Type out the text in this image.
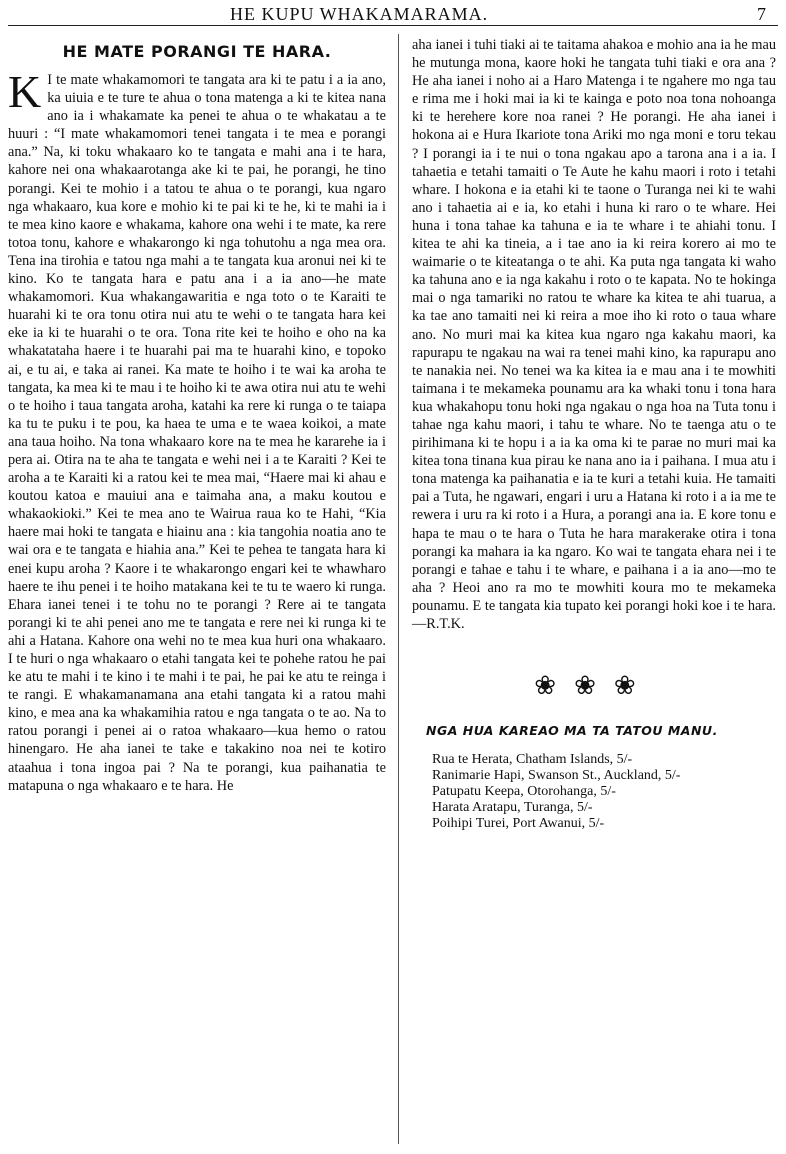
HE KUPU WHAKAMARAMA.	7
HE MATE PORANGI TE HARA.

K I te mate whakamomori te tangata ara ki te patu i a ia ano, ka uiuia e te ture te ahua o tona matenga a ki te kitea nana ano ia i whakamate ka penei te ahua o te whakatau a te huuri : “I mate whakamomori tenei tangata i te mea e porangi ana.” Na, ki toku whakaaro ko te tangata e mahi ana i te hara, kahore nei ona whakaarotanga ake ki te pai, he porangi, he tino porangi. Kei te mohio i a tatou te ahua o te porangi, kua ngaro nga whakaaro, kua kore e mohio ki te pai ki te he, ki te mahi ia i te mea kino kaore e whakama, kahore ona wehi i te mate, ka rere totoa tonu, kahore e whakarongo ki nga tohutohu a nga mea ora. Tena ina tirohia e tatou nga mahi a te tangata kua aronui nei ki te kino. Ko te tangata hara e patu ana i a ia ano—he mate whakamomori. Kua whakangawaritia e nga toto o te Karaiti te huarahi ki te ora tonu otira nui atu te wehi o te tangata hara kei eke ia ki te huarahi o te ora. Tona rite kei te hoiho e oho na ka whakatataha haere i te huarahi pai ma te huarahi kino, e topoko ai, e tu ai, e taka ai ranei. Ka mate te hoiho i te wai ka aroha te tangata, ka mea ki te mau i te hoiho ki te awa otira nui atu te wehi o te hoiho i taua tangata aroha, katahi ka rere ki runga o te taiapa ka tu te puku i te pou, ka haea te uma e te waea koikoi, a mate ana taua hoiho. Na tona whakaaro kore na te mea he kararehe ia i pera ai. Otira na te aha te tangata e wehi nei i a te Karaiti ? Kei te aroha a te Karaiti ki a ratou kei te mea mai, “Haere mai ki ahau e koutou katoa e mauiui ana e taimaha ana, a maku koutou e whakaokioki.” Kei te mea ano te Wairua raua ko te Hahi, “Kia haere mai hoki te tangata e hiainu ana : kia tangohia noatia ano te wai ora e te tangata e hiahia ana.” Kei te pehea te tangata hara ki enei kupu aroha ? Kaore i te whakarongo engari kei te whawharo haere te ihu penei i te hoiho matakana kei te tu te waero ki runga. Ehara ianei tenei i te tohu no te porangi ? Rere ai te tangata porangi ki te ahi penei ano me te tangata e rere nei ki runga ki te ahi a Hatana. Kahore ona wehi no te mea kua huri ona whakaaro. I te huri o nga whakaaro o etahi tangata kei te pohehe ratou he pai ke atu te mahi i te kino i te mahi i te pai, he pai ke atu te reinga i te rangi. E whakamanamana ana etahi tangata ki a ratou mahi kino, e mea ana ka whakamihia ratou e nga tangata o te ao. Na to ratou porangi i penei ai o ratoa whakaaro—kua hemo o ratou hinengaro. He aha ianei te take e takakino noa nei te kotiro ataahua i tona ingoa pai ? Na te porangi, kua paihanatia te matapuna o nga whakaaro e te hara. He

aha ianei i tuhi tiaki ai te taitama ahakoa e mohio ana ia he mau he mutunga mona, kaore hoki he tangata tuhi tiaki e ora ana ? He aha ianei i noho ai a Haro Matenga i te ngahere mo nga tau e rima me i hoki mai ia ki te kainga e poto noa tona nohoanga ki te herehere kore noa ranei ? He porangi. He aha ianei i hokona ai e Hura Ikariote tona Ariki mo nga moni e toru tekau ? I porangi ia i te nui o tona ngakau apo a tarona ana i a ia. I tahaetia e tetahi tamaiti o Te Aute he kahu maori i roto i tetahi whare. I hokona e ia etahi ki te taone o Turanga nei ki te wahi ano i tahaetia ai e ia, ko etahi i huna ki raro o te whare. Hei huna i tona tahae ka tahuna e ia te whare i te ahiahi tonu. I kitea te ahi ka tineia, a i tae ano ia ki reira korero ai mo te waimarie o te kiteatanga o te ahi. Ka puta nga tangata ki waho ka tahuna ano e ia nga kakahu i roto o te kapata. No te hokinga mai o nga tamariki no ratou te whare ka kitea te ahi tuarua, a ka tae ano tamaiti nei ki reira a moe iho ki roto o taua whare ano. No muri mai ka kitea kua ngaro nga kakahu maori, ka rapurapu te ngakau na wai ra tenei mahi kino, ka rapurapu ano te nanakia nei. No tenei wa ka kitea ia e mau ana i te mowhiti taimana i te mekameka pounamu ara ka whaki tonu i tona hara kua whakahopu tonu hoki nga ngakau o nga hoa na Tuta tonu i tahae nga kahu maori, i tahu te whare. No te taenga atu o te pirihimana ki te hopu i a ia ka oma ki te parae no muri mai ka kitea tona tinana kua pirau ke nana ano ia i paihana. I mua atu i tona matenga ka paihanatia e ia te kuri a tetahi kuia. He tamaiti pai a Tuta, he ngawari, engari i uru a Hatana ki roto i a ia me te rewera i uru ra ki roto i a Hura, a porangi ana ia. E kore tonu e hapa te mau o te hara o Tuta he hara marakerake otira i tona porangi ka mahara ia ka ngaro. Ko wai te tangata ehara nei i te porangi e tahae e tahu i te whare, e paihana i a ia ano—mo te aha ? Heoi ano ra mo te mowhiti koura mo te mekameka pounamu. E te tangata kia tupato kei porangi hoki koe i te hara.—R.T.K.

❀❀❀
NGA HUA KAREAO MA TA TATOU MANU.
Rua te Herata, Chatham Islands, 5/-
Ranimarie Hapi, Swanson St., Auckland, 5/-
Patupatu Keepa, Otorohanga, 5/-
Harata Aratapu, Turanga, 5/-
Poihipi Turei, Port Awanui, 5/-
